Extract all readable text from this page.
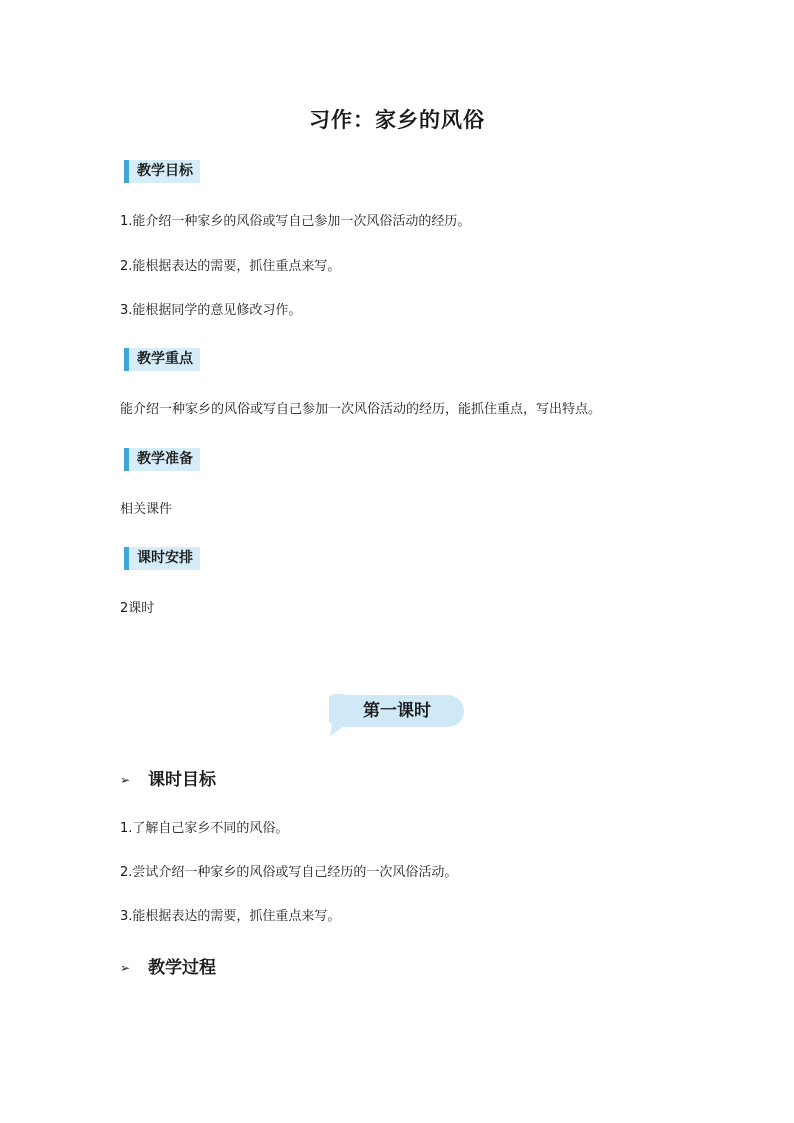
习作：家乡的风俗
教学目标
1.能介绍一种家乡的风俗或写自己参加一次风俗活动的经历。
2.能根据表达的需要，抓住重点来写。
3.能根据同学的意见修改习作。
教学重点
能介绍一种家乡的风俗或写自己参加一次风俗活动的经历，能抓住重点，写出特点。
教学准备
相关课件
课时安排
2课时
第一课时
➢ 课时目标
1.了解自己家乡不同的风俗。
2.尝试介绍一种家乡的风俗或写自己经历的一次风俗活动。
3.能根据表达的需要，抓住重点来写。
➢ 教学过程
